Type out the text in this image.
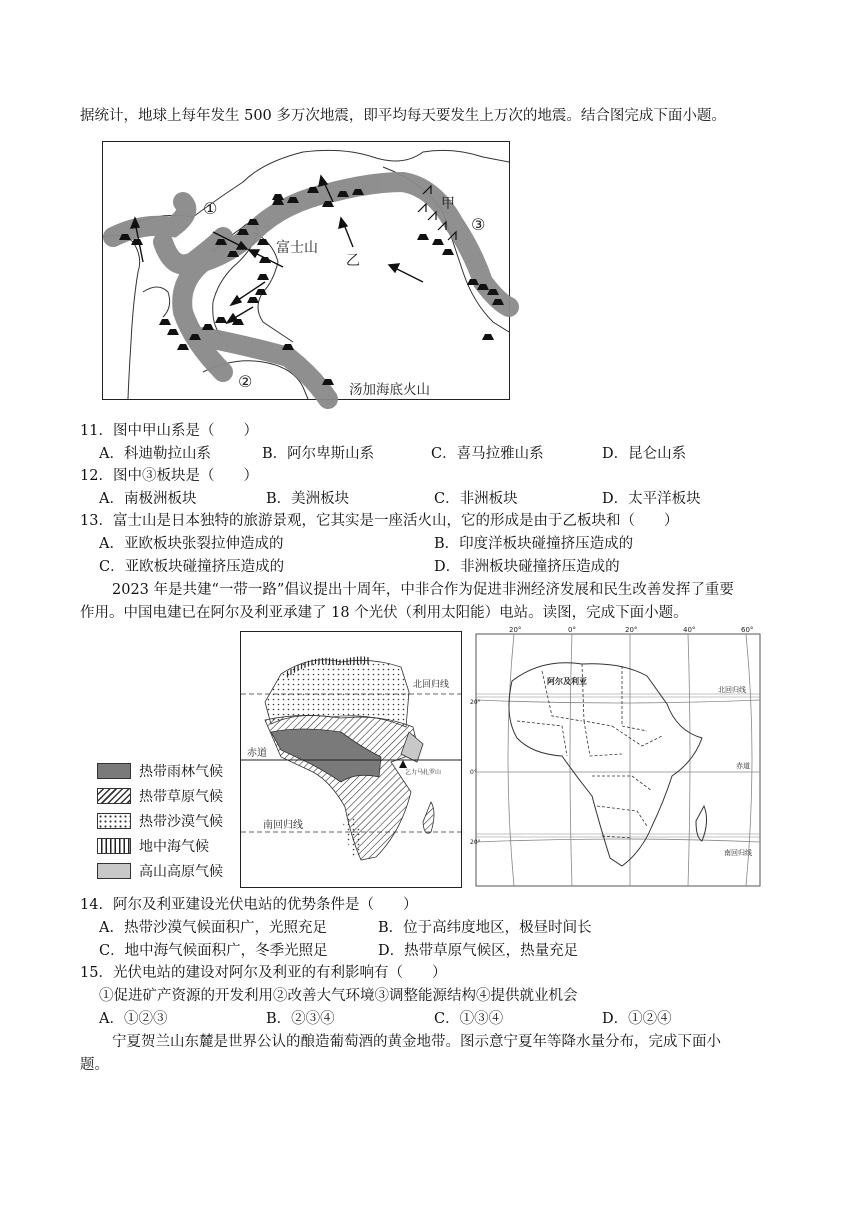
据统计，地球上每年发生 500 多万次地震，即平均每天要发生上万次的地震。结合图完成下面小题。
①
②
③
甲
乙
富士山
汤加海底火山
11．图中甲山系是（　　）
A．科迪勒拉山系	B．阿尔卑斯山系	C．喜马拉雅山系	D．昆仑山系
12．图中③板块是（　　）
A．南极洲板块	B．美洲板块	C．非洲板块	D．太平洋板块
13．富士山是日本独特的旅游景观，它其实是一座活火山，它的形成是由于乙板块和（　　）
A．亚欧板块张裂拉伸造成的	B．印度洋板块碰撞挤压造成的
C．亚欧板块碰撞挤压造成的	D．非洲板块碰撞挤压造成的
2023 年是共建“一带一路”倡议提出十周年，中非合作为促进非洲经济发展和民生改善发挥了重要
作用。中国电建已在阿尔及利亚承建了 18 个光伏（利用太阳能）电站。读图，完成下面小题。
热带雨林气候
热带草原气候
热带沙漠气候
地中海气候
高山高原气候
北回归线
赤道
南回归线
乞力马扎罗山
20°	0°	20°	40°	60°
20°
0°
20°
阿尔及利亚
北回归线
赤道
南回归线
14．阿尔及利亚建设光伏电站的优势条件是（　　）
A．热带沙漠气候面积广，光照充足	B．位于高纬度地区，极昼时间长
C．地中海气候面积广，冬季光照足	D．热带草原气候区，热量充足
15．光伏电站的建设对阿尔及利亚的有利影响有（　　）
①促进矿产资源的开发利用②改善大气环境③调整能源结构④提供就业机会
A．①②③	B．②③④	C．①③④	D．①②④
宁夏贺兰山东麓是世界公认的酿造葡萄酒的黄金地带。图示意宁夏年等降水量分布，完成下面小
题。
